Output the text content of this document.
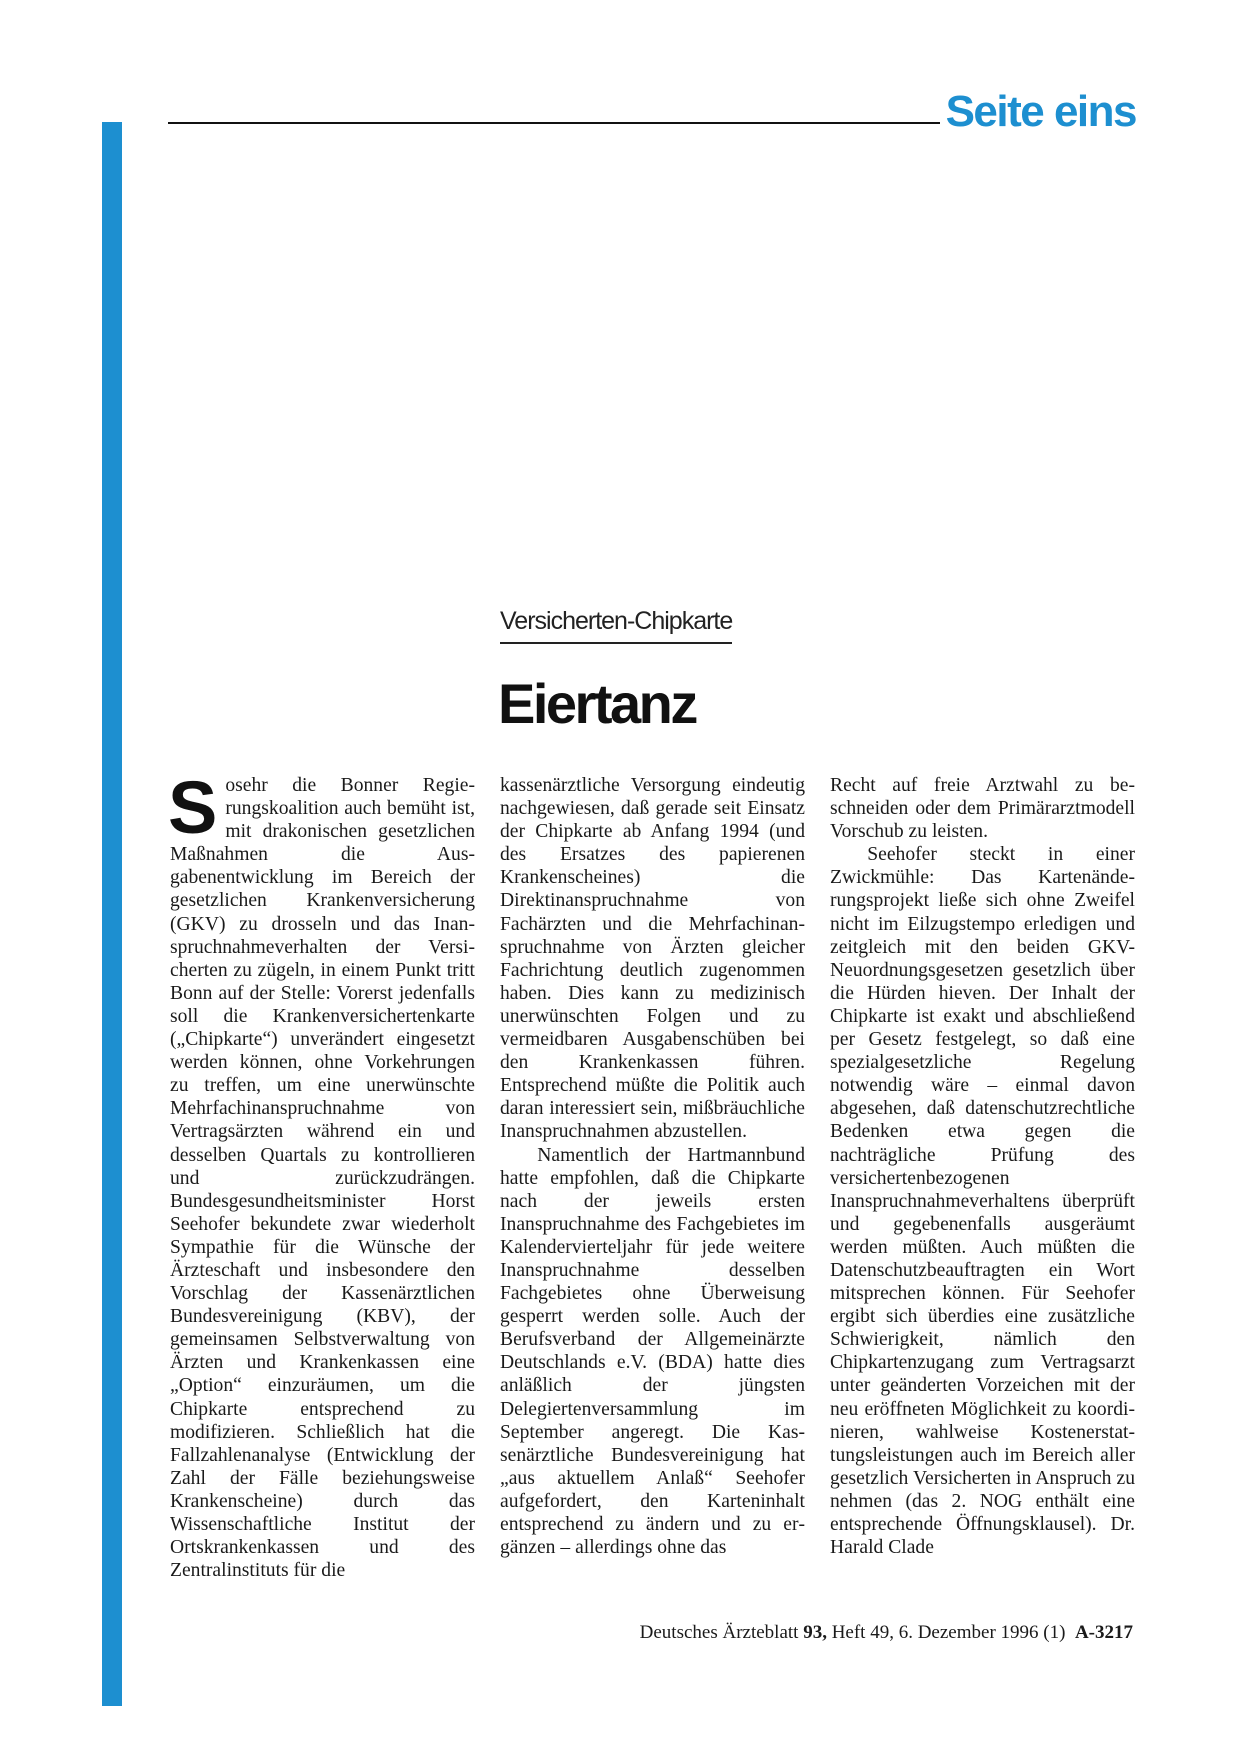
Seite eins
Versicherten-Chipkarte
Eiertanz

Sosehr die Bonner Regierungskoalition auch bemüht ist, mit drakonischen gesetzlichen Maßnahmen die Ausgabenentwicklung im Bereich der gesetzlichen Krankenversicherung (GKV) zu drosseln und das Inanspruchnahmeverhalten der Versicherten zu zügeln, in einem Punkt tritt Bonn auf der Stelle: Vorerst jedenfalls soll die Krankenversichertenkarte („Chipkarte“) unverändert eingesetzt werden können, ohne Vorkehrungen zu treffen, um eine unerwünschte Mehrfachinanspruchnahme von Vertragsärzten während ein und desselben Quartals zu kontrollieren und zurückzudrängen. Bundesgesundheitsminister Horst Seehofer bekundete zwar wiederholt Sympathie für die Wünsche der Ärzteschaft und insbesondere den Vorschlag der Kassenärztlichen Bundesvereinigung (KBV), der gemeinsamen Selbstverwaltung von Ärzten und Krankenkassen eine „Option“ einzuräumen, um die Chipkarte entsprechend zu modifizieren. Schließlich hat die Fallzahlenanalyse (Entwicklung der Zahl der Fälle beziehungsweise Krankenscheine) durch das Wissenschaftliche Institut der Ortskrankenkassen und des Zentralinstituts für die

kassenärztliche Versorgung eindeutig nachgewiesen, daß gerade seit Einsatz der Chipkarte ab Anfang 1994 (und des Ersatzes des papierenen Krankenscheines) die Direktinanspruchnahme von Fachärzten und die Mehrfachinanspruchnahme von Ärzten gleicher Fachrichtung deutlich zugenommen haben. Dies kann zu medizinisch unerwünschten Folgen und zu vermeidbaren Ausgabenschüben bei den Krankenkassen führen. Entsprechend müßte die Politik auch daran interessiert sein, mißbräuchliche Inanspruchnahmen abzustellen.

Namentlich der Hartmannbund hatte empfohlen, daß die Chipkarte nach der jeweils ersten Inanspruchnahme des Fachgebietes im Kalendervierteljahr für jede weitere Inanspruchnahme desselben Fachgebietes ohne Überweisung gesperrt werden solle. Auch der Berufsverband der Allgemeinärzte Deutschlands e.V. (BDA) hatte dies anläßlich der jüngsten Delegiertenversammlung im September angeregt. Die Kassenärztliche Bundesvereinigung hat „aus aktuellem Anlaß“ Seehofer aufgefordert, den Karteninhalt entsprechend zu ändern und zu ergänzen – allerdings ohne das

Recht auf freie Arztwahl zu beschneiden oder dem Primärarztmodell Vorschub zu leisten.

Seehofer steckt in einer Zwickmühle: Das Kartenänderungsprojekt ließe sich ohne Zweifel nicht im Eilzugstempo erledigen und zeitgleich mit den beiden GKV-Neuordnungsgesetzen gesetzlich über die Hürden hieven. Der Inhalt der Chipkarte ist exakt und abschließend per Gesetz festgelegt, so daß eine spezialgesetzliche Regelung notwendig wäre – einmal davon abgesehen, daß datenschutzrechtliche Bedenken etwa gegen die nachträgliche Prüfung des versichertenbezogenen Inanspruchnahmeverhaltens überprüft und gegebenenfalls ausgeräumt werden müßten. Auch müßten die Datenschutzbeauftragten ein Wort mitsprechen können. Für Seehofer ergibt sich überdies eine zusätzliche Schwierigkeit, nämlich den Chipkartenzugang zum Vertragsarzt unter geänderten Vorzeichen mit der neu eröffneten Möglichkeit zu koordinieren, wahlweise Kostenerstattungsleistungen auch im Bereich aller gesetzlich Versicherten in Anspruch zu nehmen (das 2. NOG enthält eine entsprechende Öffnungsklausel). Dr. Harald Clade

Deutsches Ärzteblatt 93, Heft 49, 6. Dezember 1996 (1) A-3217
